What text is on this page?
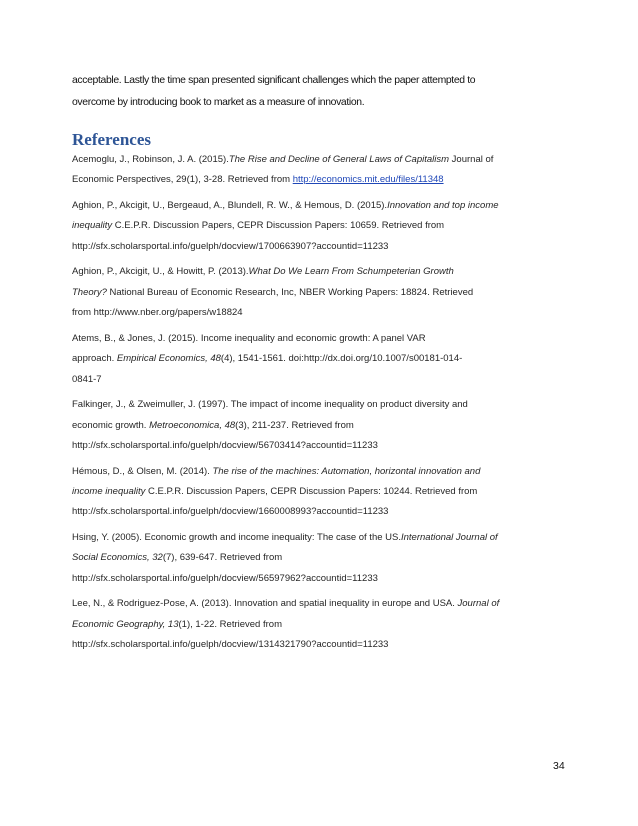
acceptable. Lastly the time span presented significant challenges which the paper attempted to
overcome by introducing book to market as a measure of innovation.
References
Acemoglu, J., Robinson, J. A. (2015).The Rise and Decline of General Laws of Capitalism Journal of
Economic Perspectives, 29(1), 3-28. Retrieved from http://economics.mit.edu/files/11348
Aghion, P., Akcigit, U., Bergeaud, A., Blundell, R. W., & Hemous, D. (2015).Innovation and top income
inequality C.E.P.R. Discussion Papers, CEPR Discussion Papers: 10659. Retrieved from
http://sfx.scholarsportal.info/guelph/docview/1700663907?accountid=11233
Aghion, P., Akcigit, U., & Howitt, P. (2013).What Do We Learn From Schumpeterian Growth
Theory? National Bureau of Economic Research, Inc, NBER Working Papers: 18824. Retrieved
from http://www.nber.org/papers/w18824
Atems, B., & Jones, J. (2015). Income inequality and economic growth: A panel VAR
approach. Empirical Economics, 48(4), 1541-1561. doi:http://dx.doi.org/10.1007/s00181-014-
0841-7
Falkinger, J., & Zweimuller, J. (1997). The impact of income inequality on product diversity and
economic growth. Metroeconomica, 48(3), 211-237. Retrieved from
http://sfx.scholarsportal.info/guelph/docview/56703414?accountid=11233
Hémous, D., & Olsen, M. (2014). The rise of the machines: Automation, horizontal innovation and
income inequality C.E.P.R. Discussion Papers, CEPR Discussion Papers: 10244. Retrieved from
http://sfx.scholarsportal.info/guelph/docview/1660008993?accountid=11233
Hsing, Y. (2005). Economic growth and income inequality: The case of the US.International Journal of
Social Economics, 32(7), 639-647. Retrieved from
http://sfx.scholarsportal.info/guelph/docview/56597962?accountid=11233
Lee, N., & Rodriguez-Pose, A. (2013). Innovation and spatial inequality in europe and USA. Journal of
Economic Geography, 13(1), 1-22. Retrieved from
http://sfx.scholarsportal.info/guelph/docview/1314321790?accountid=11233
34
